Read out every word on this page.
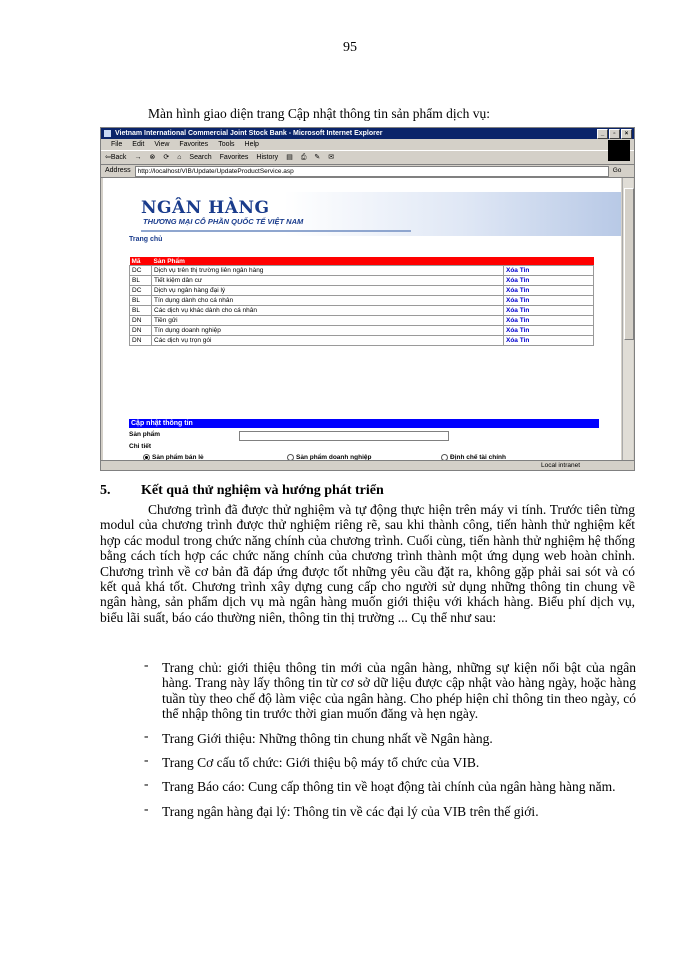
95
Màn hình giao diện trang Cập nhật thông tin sản phẩm dịch vụ:
Vietnam International Commercial Joint Stock Bank - Microsoft Internet Explorer	_	▫	×
File Edit View Favorites Tools Help
⇦Back → ⊗ ⟳ ⌂ Search Favorites History ▤ ⎙ ✎ ✉
Address	http://localhost/VIB/Update/UpdateProductService.asp	Go
NGÂN HÀNG
THƯƠNG MẠI CỔ PHẦN QUỐC TẾ VIỆT NAM
Trang chủ
Mã	Sản Phẩm	
DC	Dịch vụ trên thị trường liên ngân hàng	Xóa Tin
BL	Tiết kiệm dân cư	Xóa Tin
DC	Dịch vụ ngân hàng đại lý	Xóa Tin
BL	Tín dụng dành cho cá nhân	Xóa Tin
BL	Các dịch vụ khác dành cho cá nhân	Xóa Tin
DN	Tiền gửi	Xóa Tin
DN	Tín dụng doanh nghiệp	Xóa Tin
DN	Các dịch vụ trọn gói	Xóa Tin
Cập nhật thông tin
Sản phẩm
Chi tiết
Sản phẩm bán lẻ	Sản phẩm doanh nghiệp	Định chế tài chính
Local intranet
5.	Kết quả thử nghiệm và hướng phát triển

Chương trình đã được thử nghiệm và tự động thực hiện trên máy vi tính. Trước tiên từng modul của chương trình được thử nghiệm riêng rẽ, sau khi thành công, tiến hành thử nghiệm kết hợp các modul trong chức năng chính của chương trình. Cuối cùng, tiến hành thử nghiệm hệ thống bằng cách tích hợp các chức năng chính của chương trình thành một ứng dụng web hoàn chỉnh. Chương trình về cơ bản đã đáp ứng được tốt những yêu cầu đặt ra, không gặp phải sai sót và có kết quả khá tốt. Chương trình xây dựng cung cấp cho người sử dụng những thông tin chung về ngân hàng, sản phẩm dịch vụ mà ngân hàng muốn giới thiệu với khách hàng. Biểu phí dịch vụ, biểu lãi suất, báo cáo thường niên, thông tin thị trường ... Cụ thể như sau:

- Trang chủ: giới thiệu thông tin mới của ngân hàng, những sự kiện nổi bật của ngân hàng. Trang này lấy thông tin từ cơ sở dữ liệu được cập nhật vào hàng ngày, hoặc hàng tuần tùy theo chế độ làm việc của ngân hàng. Cho phép hiện chỉ thông tin theo ngày, có thể nhập thông tin trước thời gian muốn đăng và hẹn ngày.
- Trang Giới thiệu: Những thông tin chung nhất về Ngân hàng.
- Trang Cơ cấu tổ chức: Giới thiệu bộ máy tổ chức của VIB.
- Trang Báo cáo: Cung cấp thông tin về hoạt động tài chính của ngân hàng hàng năm.
- Trang ngân hàng đại lý: Thông tin về các đại lý của VIB trên thế giới.
